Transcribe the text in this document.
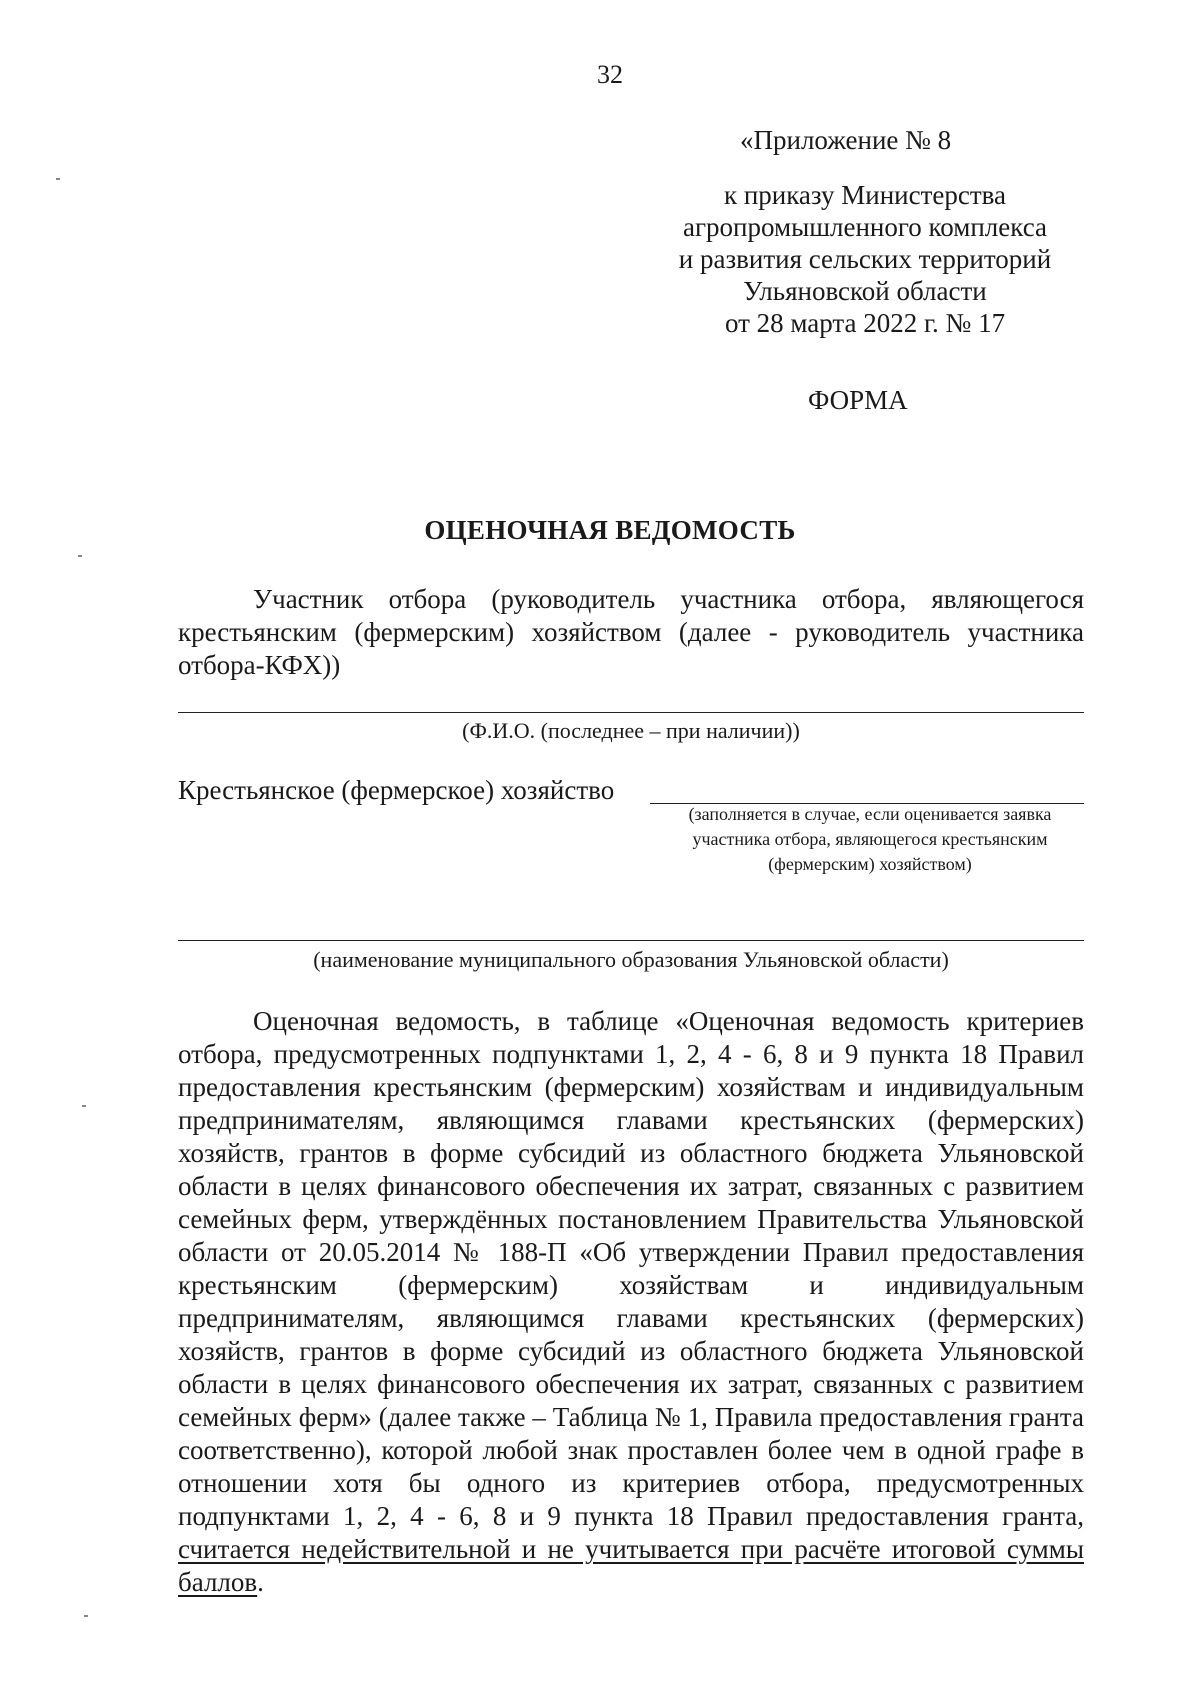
32
«Приложение № 8
к приказу Министерства
агропромышленного комплекса
и развития сельских территорий
Ульяновской области
от 28 марта 2022 г. № 17
ФОРМА
ОЦЕНОЧНАЯ ВЕДОМОСТЬ
Участник отбора (руководитель участника отбора, являющегося крестьянским (фермерским) хозяйством (далее - руководитель участника отбора-КФХ))
(Ф.И.О. (последнее – при наличии))
Крестьянское (фермерское) хозяйство
(заполняется в случае, если оценивается заявка участника отбора, являющегося крестьянским (фермерским) хозяйством)
(наименование муниципального образования Ульяновской области)
Оценочная ведомость, в таблице «Оценочная ведомость критериев отбора, предусмотренных подпунктами 1, 2, 4 - 6, 8 и 9 пункта 18 Правил предоставления крестьянским (фермерским) хозяйствам и индивидуальным предпринимателям, являющимся главами крестьянских (фермерских) хозяйств, грантов в форме субсидий из областного бюджета Ульяновской области в целях финансового обеспечения их затрат, связанных с развитием семейных ферм, утверждённых постановлением Правительства Ульяновской области от 20.05.2014 № 188-П «Об утверждении Правил предоставления крестьянским (фермерским) хозяйствам и индивидуальным предпринимателям, являющимся главами крестьянских (фермерских) хозяйств, грантов в форме субсидий из областного бюджета Ульяновской области в целях финансового обеспечения их затрат, связанных с развитием семейных ферм» (далее также – Таблица № 1, Правила предоставления гранта соответственно), которой любой знак проставлен более чем в одной графе в отношении хотя бы одного из критериев отбора, предусмотренных подпунктами 1, 2, 4 - 6, 8 и 9 пункта 18 Правил предоставления гранта, считается недействительной и не учитывается при расчёте итоговой суммы баллов.
